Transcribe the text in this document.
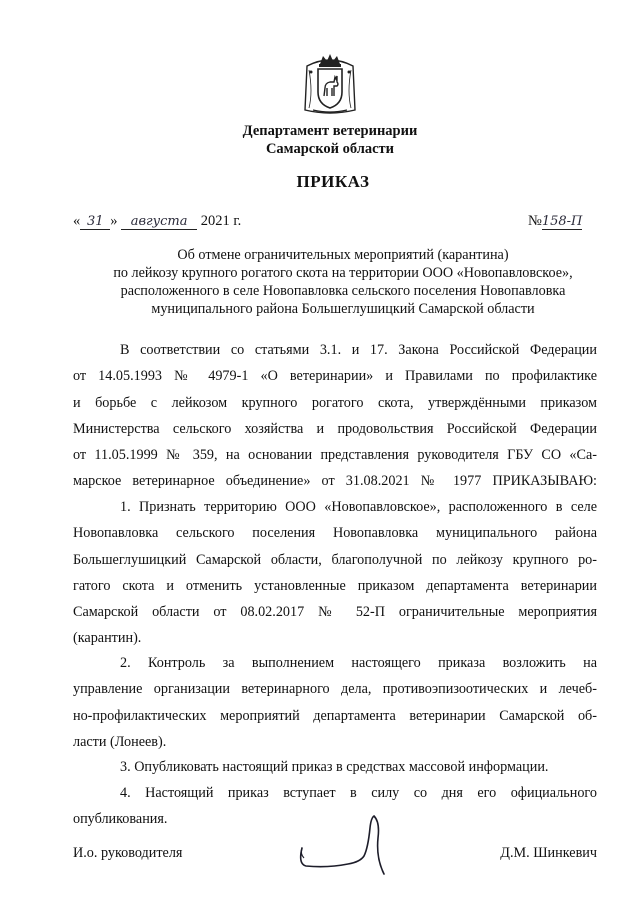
Департамент ветеринарии
Самарской области
ПРИКАЗ
« 31 » августа 2021 г.	№158-П
Об отмене ограничительных мероприятий (карантина)
по лейкозу крупного рогатого скота на территории ООО «Новопавловское»,
расположенного в селе Новопавловка сельского поселения Новопавловка
муниципального района Большеглушицкий Самарской области
В соответствии со статьями 3.1. и 17. Закона Российской Федерации
от 14.05.1993 № 4979-1 «О ветеринарии» и Правилами по профилактике
и борьбе с лейкозом крупного рогатого скота, утверждёнными приказом
Министерства сельского хозяйства и продовольствия Российской Федерации
от 11.05.1999 № 359, на основании представления руководителя ГБУ СО «Са-
марское ветеринарное объединение» от 31.08.2021 № 1977 ПРИКАЗЫВАЮ:
1. Признать территорию ООО «Новопавловское», расположенного в селе
Новопавловка сельского поселения Новопавловка муниципального района
Большеглушицкий Самарской области, благополучной по лейкозу крупного ро-
гатого скота и отменить установленные приказом департамента ветеринарии
Самарской области от 08.02.2017 № 52-П ограничительные мероприятия
(карантин).
2. Контроль за выполнением настоящего приказа возложить на
управление организации ветеринарного дела, противоэпизоотических и лечеб-
но-профилактических мероприятий департамента ветеринарии Самарской об-
ласти (Лонеев).
3. Опубликовать настоящий приказ в средствах массовой информации.
4. Настоящий приказ вступает в силу со дня его официального
опубликования.
И.о. руководителя	Д.М. Шинкевич
